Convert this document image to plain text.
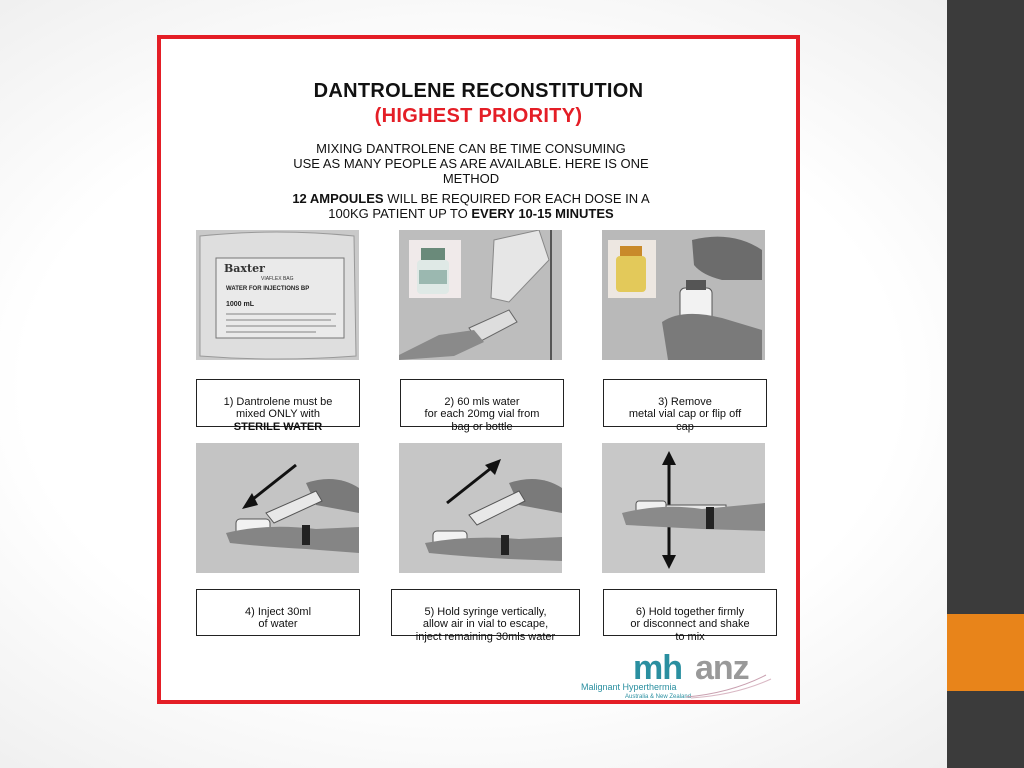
DANTROLENE RECONSTITUTION
(HIGHEST PRIORITY)
MIXING DANTROLENE CAN BE TIME CONSUMING
USE AS MANY PEOPLE AS ARE AVAILABLE. HERE IS ONE
METHOD
12 AMPOULES WILL BE REQUIRED FOR EACH DOSE IN A
100KG PATIENT UP TO EVERY 10-15 MINUTES
Baxter
VIAFLEX BAG
WATER FOR INJECTIONS BP
1000 mL

1) Dantrolene must be
mixed ONLY with
STERILE WATER

2) 60 mls water
for each 20mg vial from
bag or bottle

3) Remove
metal vial cap or flip off
cap

4) Inject 30ml
of water

5) Hold syringe vertically,
allow air in vial to escape,
inject remaining 30mls water

6) Hold together firmly
or disconnect and shake
to mix

mh anz
Malignant Hyperthermia
Australia & New Zealand
